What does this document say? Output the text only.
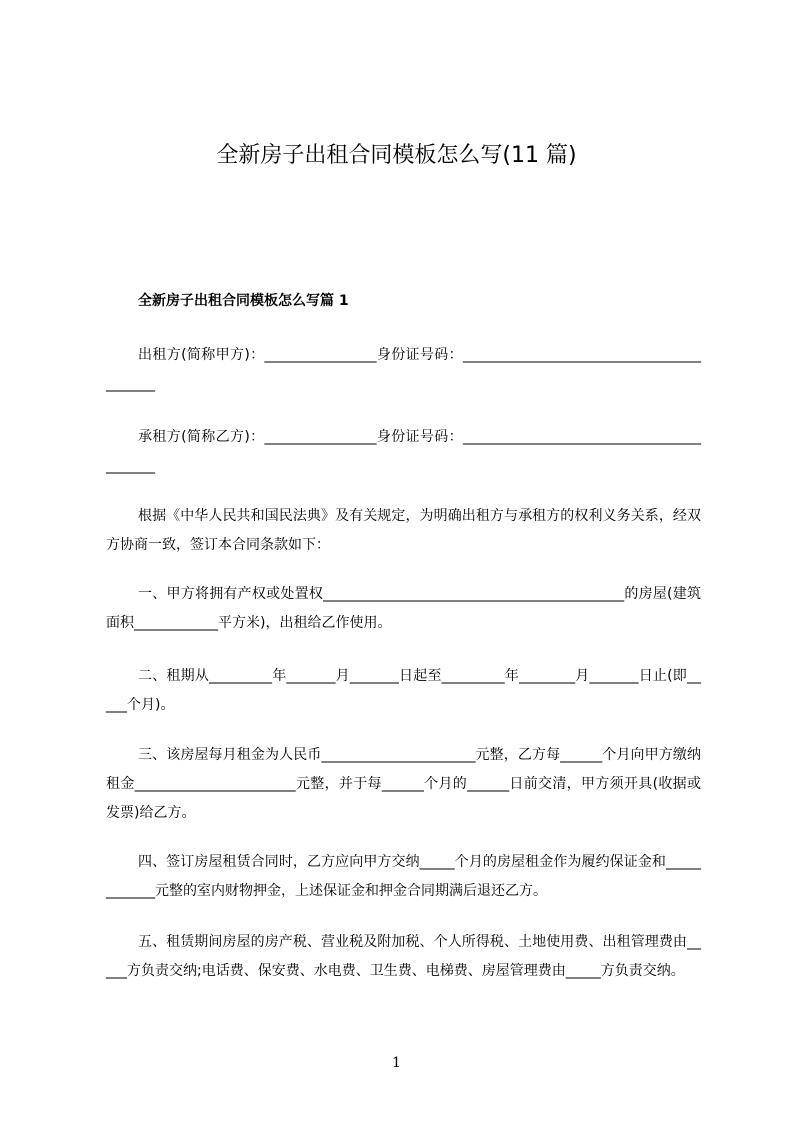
全新房子出租合同模板怎么写(11 篇)
全新房子出租合同模板怎么写篇 1

出租方(简称甲方)：________________身份证号码：_________________________________________

承租方(简称乙方)：________________身份证号码：_________________________________________

根据《中华人民共和国民法典》及有关规定，为明确出租方与承租方的权利义务关系，经双方协商一致，签订本合同条款如下：

一、甲方将拥有产权或处置权___________________________________________的房屋(建筑面积____________平方米)，出租给乙作使用。

二、租期从_________年_______月_______日起至_________年________月_______日止(即_____个月)。

三、该房屋每月租金为人民币______________________元整，乙方每______个月向甲方缴纳租金_______________________元整，并于每______个月的______日前交清，甲方须开具(收据或发票)给乙方。

四、签订房屋租赁合同时，乙方应向甲方交纳_____个月的房屋租金作为履约保证金和____________元整的室内财物押金，上述保证金和押金合同期满后退还乙方。

五、租赁期间房屋的房产税、营业税及附加税、个人所得税、土地使用费、出租管理费由_____方负责交纳;电话费、保安费、水电费、卫生费、电梯费、房屋管理费由_____方负责交纳。

1
